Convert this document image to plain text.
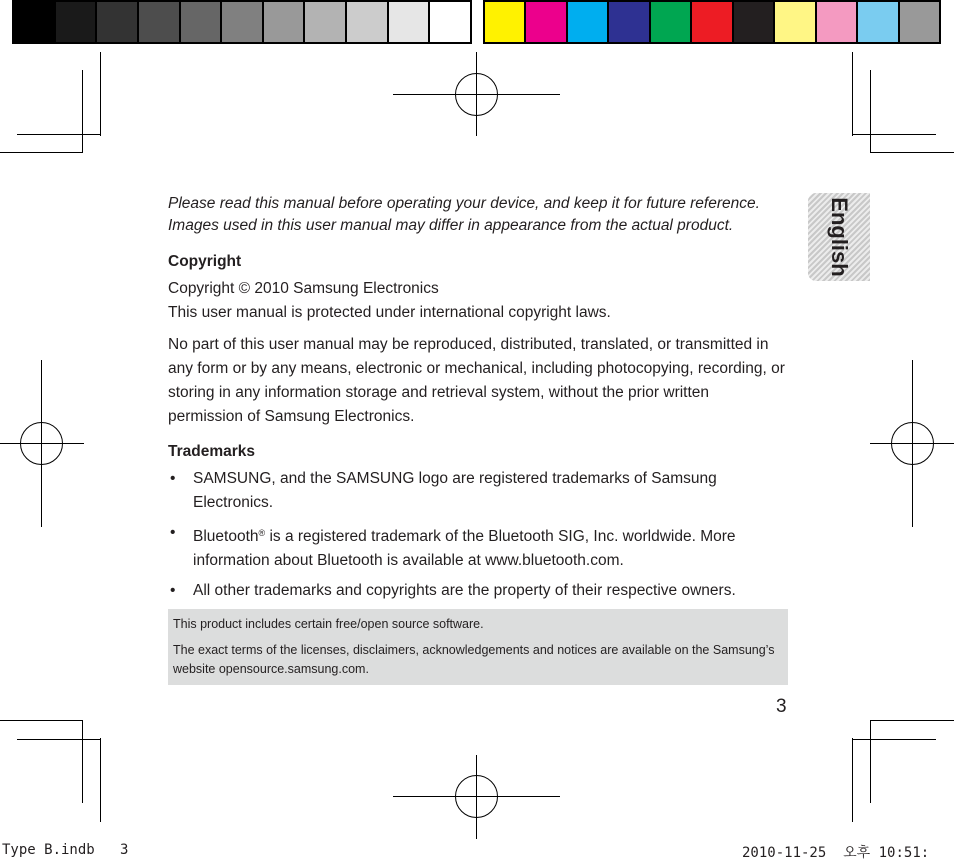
English

Please read this manual before operating your device, and keep it for future reference.

Images used in this user manual may differ in appearance from the actual product.

Copyright

Copyright © 2010 Samsung Electronics
This user manual is protected under international copyright laws.

No part of this user manual may be reproduced, distributed, translated, or transmitted in any form or by any means, electronic or mechanical, including photocopying, recording, or storing in any information storage and retrieval system, without the prior written permission of Samsung Electronics.

Trademarks
• SAMSUNG, and the SAMSUNG logo are registered trademarks of Samsung Electronics.
• Bluetooth® is a registered trademark of the Bluetooth SIG, Inc. worldwide. More information about Bluetooth is available at www.bluetooth.com.
• All other trademarks and copyrights are the property of their respective owners.

This product includes certain free/open source software.

The exact terms of the licenses, disclaimers, acknowledgements and notices are available on the Samsung’s website opensource.samsung.com.

3
Type B.indb   3	2010-11-25  오후 10:51:
